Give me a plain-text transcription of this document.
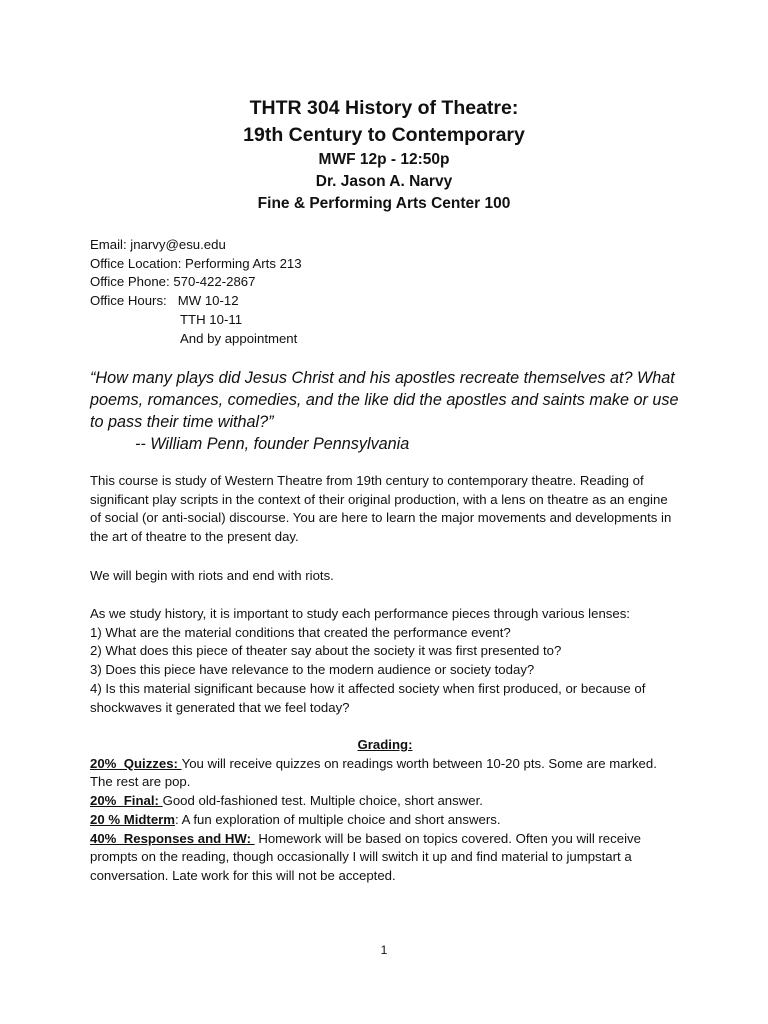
THTR 304 History of Theatre:
19th Century to Contemporary
MWF 12p - 12:50p
Dr. Jason A. Narvy
Fine & Performing Arts Center 100
Email: jnarvy@esu.edu
Office Location: Performing Arts 213
Office Phone: 570-422-2867
Office Hours: MW 10-12
TTH 10-11
And by appointment
“How many plays did Jesus Christ and his apostles recreate themselves at? What poems, romances, comedies, and the like did the apostles and saints make or use to pass their time withal?”
-- William Penn, founder Pennsylvania
This course is study of Western Theatre from 19th century to contemporary theatre. Reading of significant play scripts in the context of their original production, with a lens on theatre as an engine of social (or anti-social) discourse. You are here to learn the major movements and developments in the art of theatre to the present day.
We will begin with riots and end with riots.
As we study history, it is important to study each performance pieces through various lenses:
1) What are the material conditions that created the performance event?
2) What does this piece of theater say about the society it was first presented to?
3) Does this piece have relevance to the modern audience or society today?
4) Is this material significant because how it affected society when first produced, or because of shockwaves it generated that we feel today?
Grading:
20%  Quizzes: You will receive quizzes on readings worth between 10-20 pts. Some are marked. The rest are pop.
20%  Final: Good old-fashioned test. Multiple choice, short answer.
20 % Midterm: A fun exploration of multiple choice and short answers.
40%  Responses and HW:  Homework will be based on topics covered. Often you will receive prompts on the reading, though occasionally I will switch it up and find material to jumpstart a conversation. Late work for this will not be accepted.
1
